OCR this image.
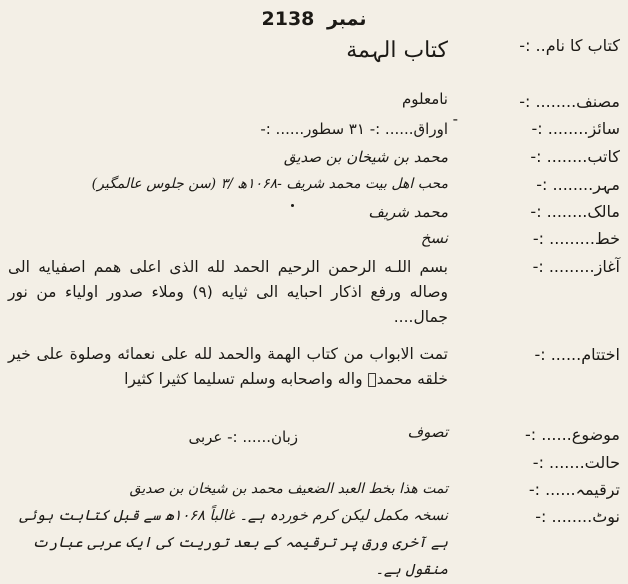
2138 نمبر
کتاب کا نام.. :-
مصنف........ :-
سائز........ :-
کاتب........ :-
مہر........ :-
مالک........ :-
خط......... :-
آغاز......... :-
اختتام...... :-
موضوع...... :-
حالت....... :-
ترقیمہ...... :-
نوٹ........ :-
کتاب الہمة
نامعلوم
-
اوراق...... :- ۳۱ سطور...... :-
محمد بن شیخان بن صدیق
محب اهل بیت محمد شریف -۱۰۶۸ھ /۳ (سن جلوس عالمگیر)
محمد شریف
نسخ
بسم اللـه الرحمن الرحیم الحمد لله الذی اعلی همم اصفیایه الی وصاله ورفع اذکار احبایه الی ثیایه (۹) وملاء صدور اولیاء من نور جمال....
تمت الابواب من کتاب الهمة والحمد لله علی نعمائه وصلوة علی خیر خلقه محمدؐ واله واصحابه وسلم تسلیما کثیرا کثیرا
تصوف
زبان...... :- عربی
تمت هذا بخط العبد الضعیف محمد بن شیخان بن صدیق
نسخہ مکمل لیکن کرم خوردہ ہے۔ غالباً ۱۰۶۸ھ سے قبل کتابت ہوئی ہے آخری ورق پر ترقیمہ کے بعد توریت کی ایک عربی عبارت منقول ہے۔
